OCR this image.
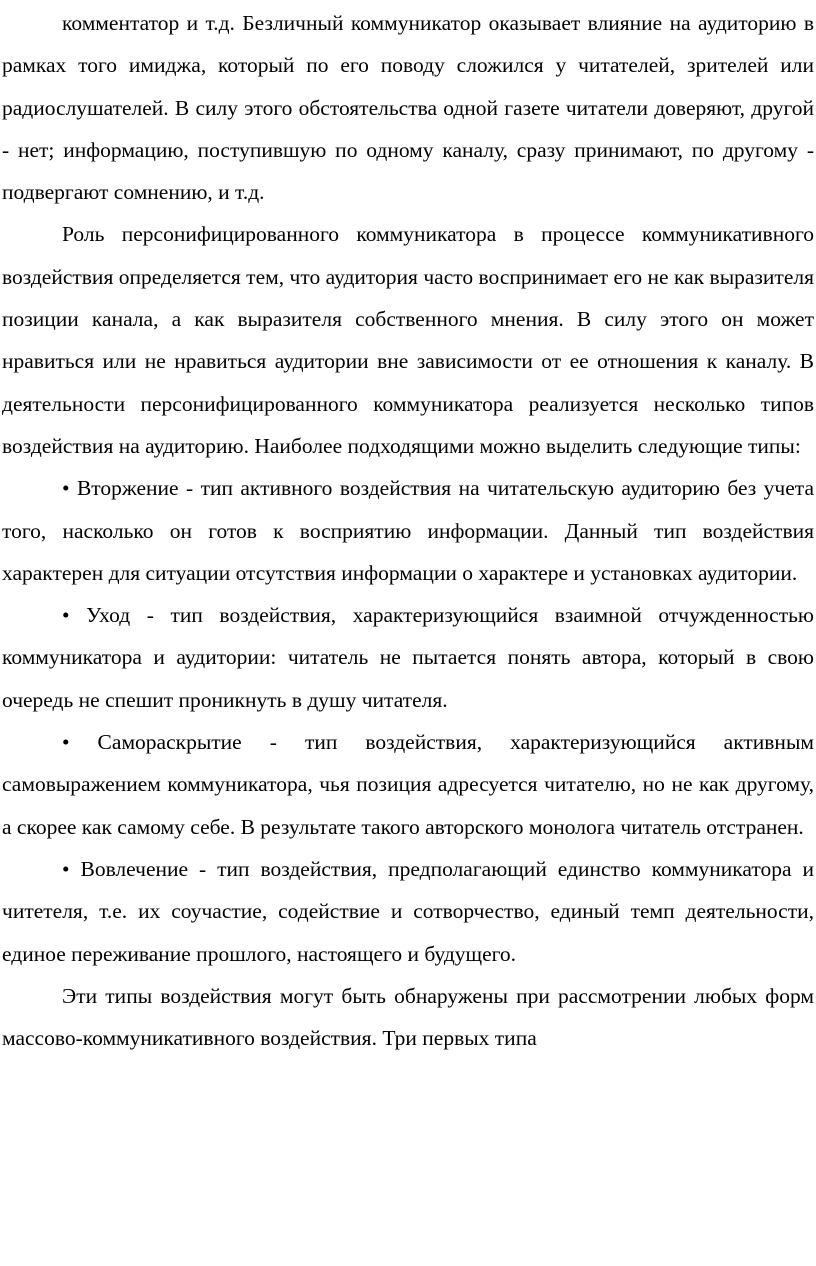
комментатор и т.д. Безличный коммуникатор оказывает влияние на аудиторию в рамках того имиджа, который по его поводу сложился у читателей, зрителей или радиослушателей. В силу этого обстоятельства одной газете читатели доверяют, другой - нет; информацию, поступившую по одному каналу, сразу принимают, по другому - подвергают сомнению, и т.д.

Роль персонифицированного коммуникатора в процессе коммуникативного воздействия определяется тем, что аудитория часто воспринимает его не как выразителя позиции канала, а как выразителя собственного мнения. В силу этого он может нравиться или не нравиться аудитории вне зависимости от ее отношения к каналу. В деятельности персонифицированного коммуникатора реализуется несколько типов воздействия на аудиторию. Наиболее подходящими можно выделить следующие типы:

• Вторжение - тип активного воздействия на читательскую аудиторию без учета того, насколько он готов к восприятию информации. Данный тип воздействия характерен для ситуации отсутствия информации о характере и установках аудитории.

• Уход - тип воздействия, характеризующийся взаимной отчужденностью коммуникатора и аудитории: читатель не пытается понять автора, который в свою очередь не спешит проникнуть в душу читателя.

• Самораскрытие - тип воздействия, характеризующийся активным самовыражением коммуникатора, чья позиция адресуется читателю, но не как другому, а скорее как самому себе. В результате такого авторского монолога читатель отстранен.

• Вовлечение - тип воздействия, предполагающий единство коммуникатора и читетеля, т.е. их соучастие, содействие и сотворчество, единый темп деятельности, единое переживание прошлого, настоящего и будущего.

Эти типы воздействия могут быть обнаружены при рассмотрении любых форм массово-коммуникативного воздействия. Три первых типа
